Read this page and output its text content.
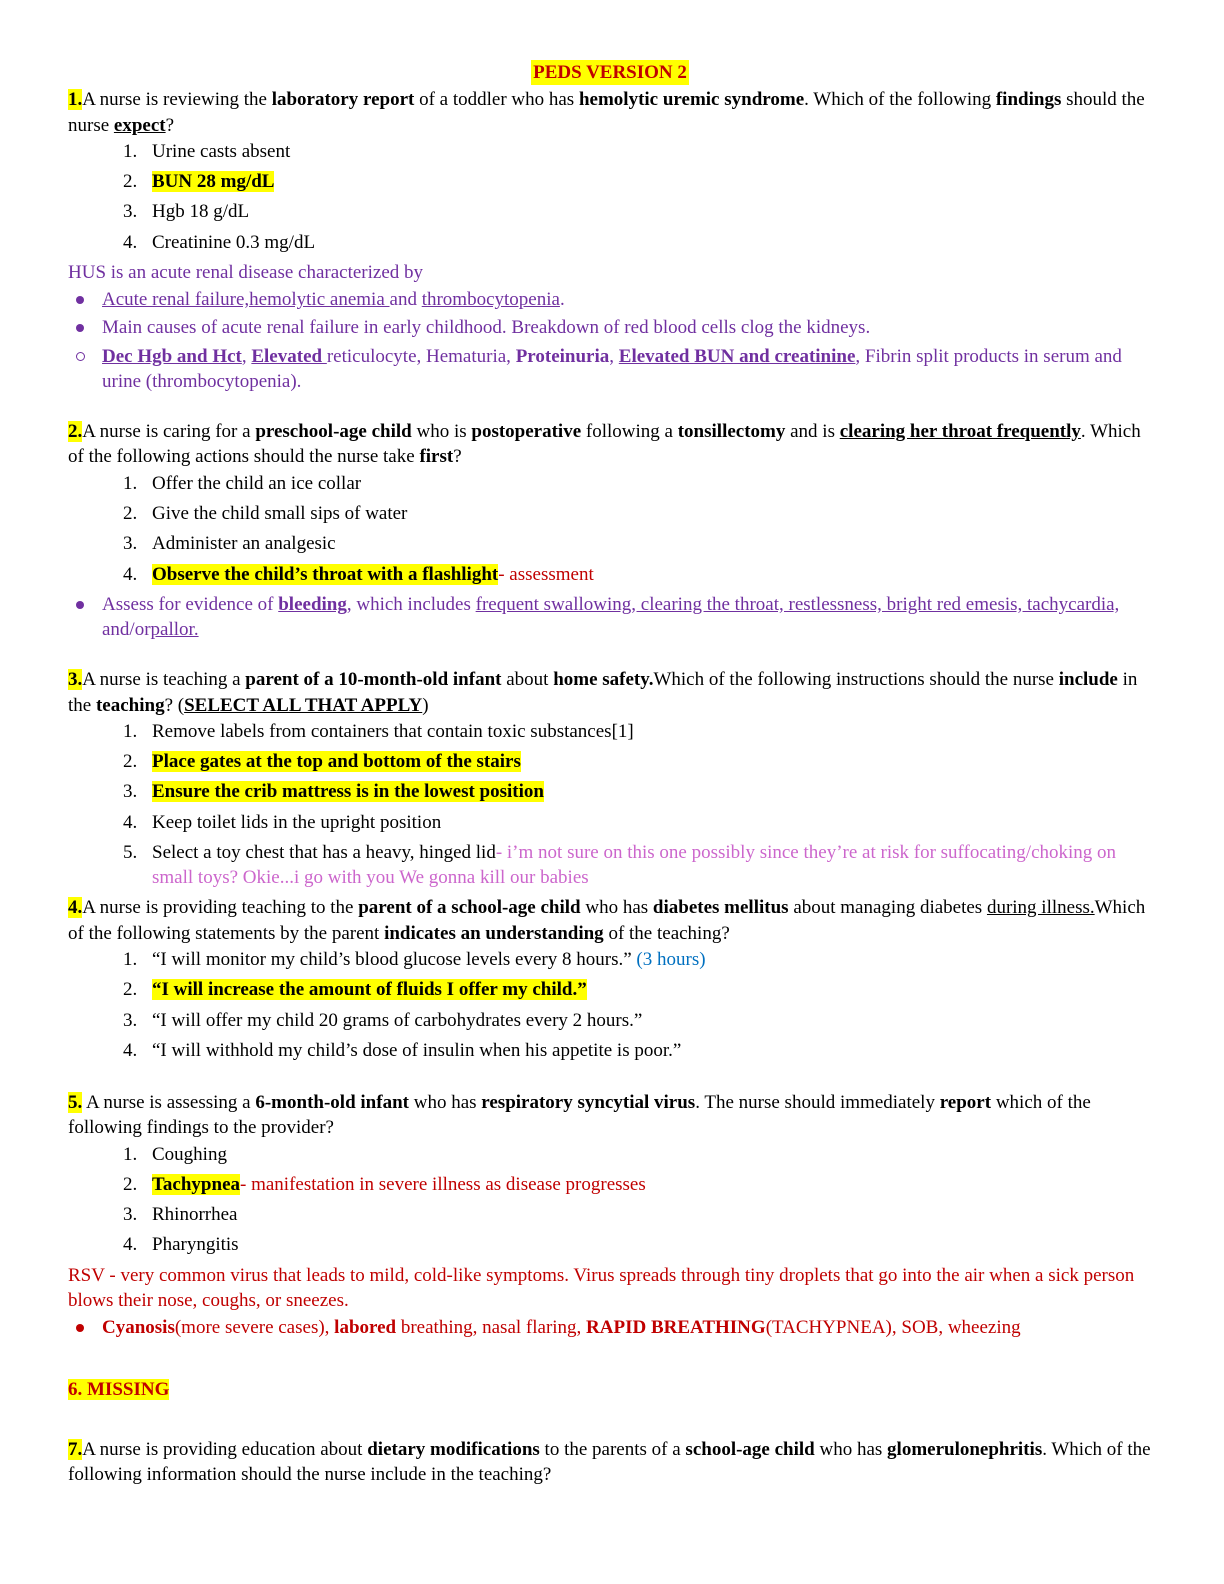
PEDS VERSION 2

1.A nurse is reviewing the laboratory report of a toddler who has hemolytic uremic syndrome. Which of the following findings should the nurse expect?

1. Urine casts absent
2. BUN 28 mg/dL
3. Hgb 18 g/dL
4. Creatinine 0.3 mg/dL

HUS is an acute renal disease characterized by

Acute renal failure,hemolytic anemia and thrombocytopenia.
Main causes of acute renal failure in early childhood. Breakdown of red blood cells clog the kidneys.
Dec Hgb and Hct, Elevated reticulocyte, Hematuria, Proteinuria, Elevated BUN and creatinine, Fibrin split products in serum and urine (thrombocytopenia).

2.A nurse is caring for a preschool-age child who is postoperative following a tonsillectomy and is clearing her throat frequently. Which of the following actions should the nurse take first?

1. Offer the child an ice collar
2. Give the child small sips of water
3. Administer an analgesic
4. Observe the child’s throat with a flashlight- assessment
Assess for evidence of bleeding, which includes frequent swallowing, clearing the throat, restlessness, bright red emesis, tachycardia, and/orpallor.

3.A nurse is teaching a parent of a 10-month-old infant about home safety.Which of the following instructions should the nurse include in the teaching? (SELECT ALL THAT APPLY)

1. Remove labels from containers that contain toxic substances[1]
2. Place gates at the top and bottom of the stairs
3. Ensure the crib mattress is in the lowest position
4. Keep toilet lids in the upright position
5. Select a toy chest that has a heavy, hinged lid- i’m not sure on this one possibly since they’re at risk for suffocating/choking on small toys? Okie...i go with you We gonna kill our babies

4.A nurse is providing teaching to the parent of a school-age child who has diabetes mellitus about managing diabetes during illness.Which of the following statements by the parent indicates an understanding of the teaching?

1. “I will monitor my child’s blood glucose levels every 8 hours.” (3 hours)
2. “I will increase the amount of fluids I offer my child.”
3. “I will offer my child 20 grams of carbohydrates every 2 hours.”
4. “I will withhold my child’s dose of insulin when his appetite is poor.”

5. A nurse is assessing a 6-month-old infant who has respiratory syncytial virus. The nurse should immediately report which of the following findings to the provider?

1. Coughing
2. Tachypnea- manifestation in severe illness as disease progresses
3. Rhinorrhea
4. Pharyngitis

RSV - very common virus that leads to mild, cold-like symptoms. Virus spreads through tiny droplets that go into the air when a sick person blows their nose, coughs, or sneezes.

Cyanosis(more severe cases), labored breathing, nasal flaring, RAPID BREATHING(TACHYPNEA), SOB, wheezing

6. MISSING

7.A nurse is providing education about dietary modifications to the parents of a school-age child who has glomerulonephritis. Which of the following information should the nurse include in the teaching?
